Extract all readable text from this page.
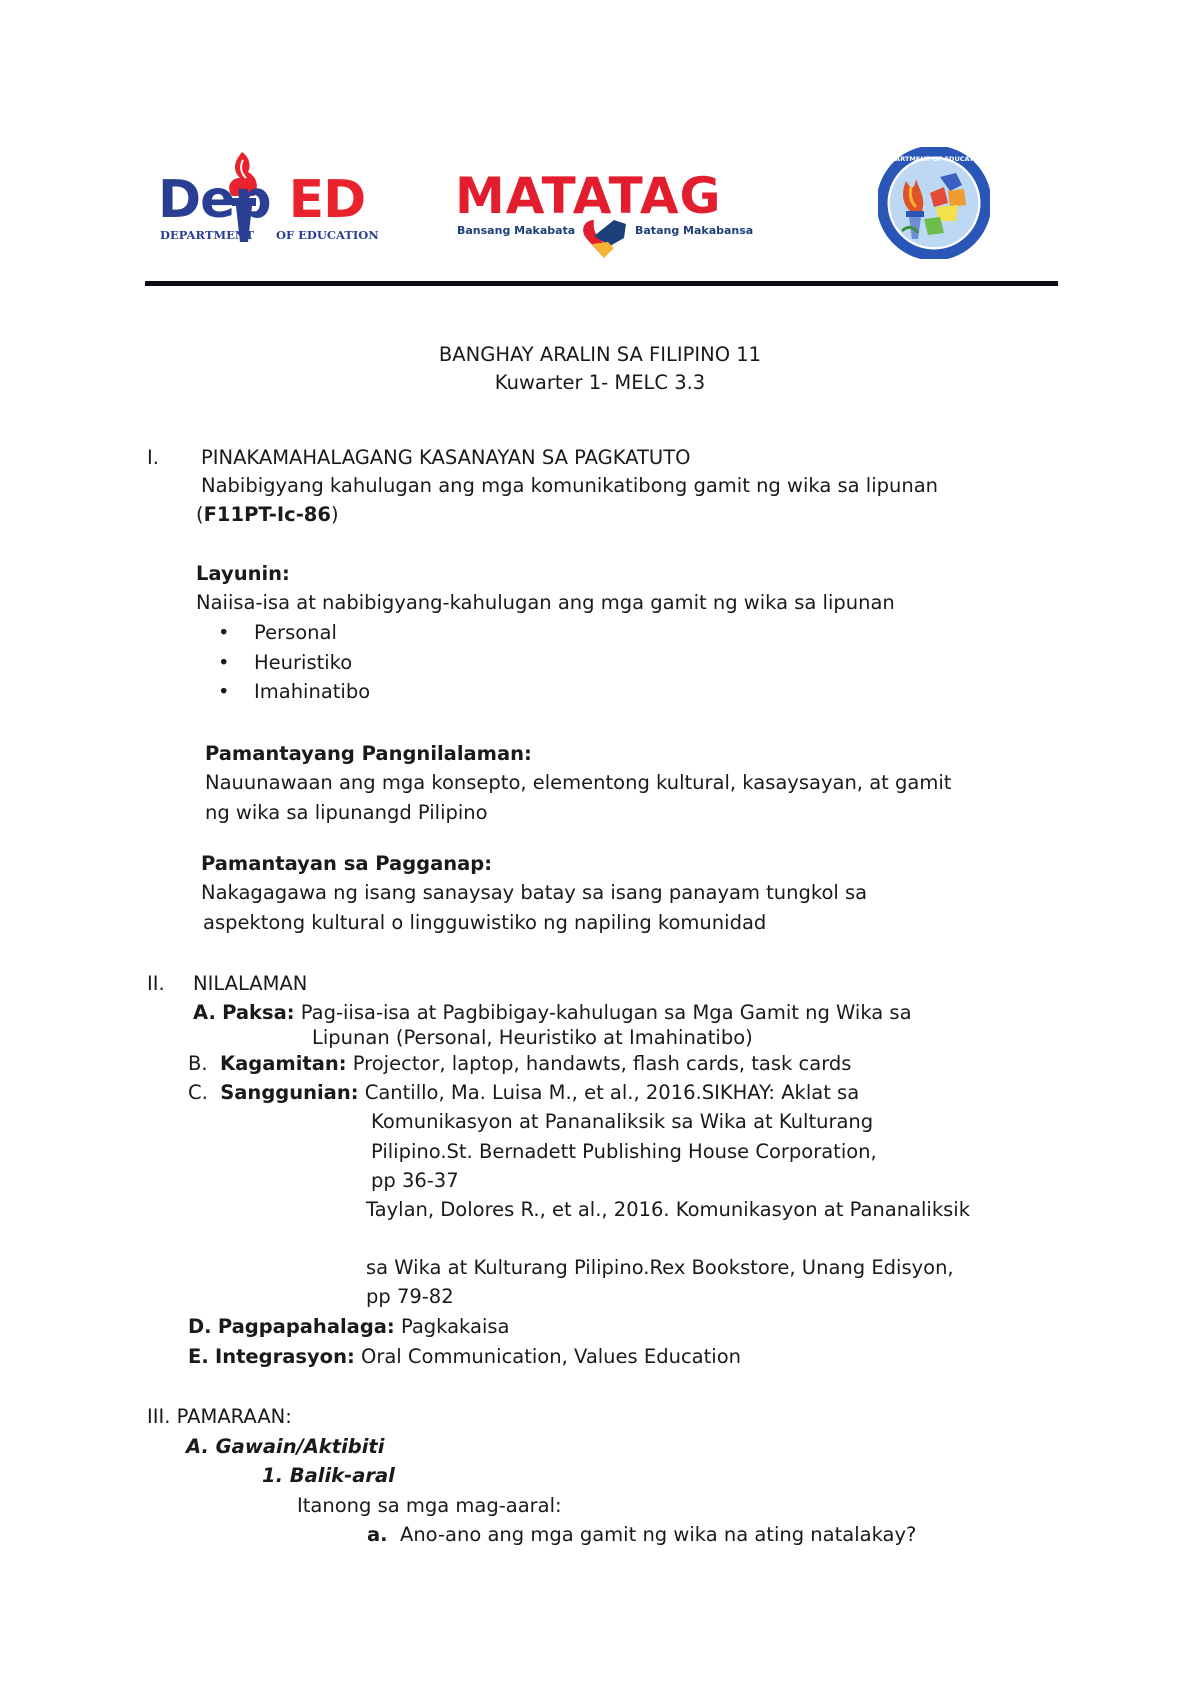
Dep ED
DEPARTMENT OF EDUCATION
MATATAG
Bansang Makabata	Batang Makabansa
DEPARTMENT OF EDUCATION
BANGHAY ARALIN SA FILIPINO 11
Kuwarter 1- MELC 3.3
I. PINAKAMAHALAGANG KASANAYAN SA PAGKATUTO
Nabibigyang kahulugan ang mga komunikatibong gamit ng wika sa lipunan
(F11PT-Ic-86)
Layunin:
Naiisa-isa at nabibigyang-kahulugan ang mga gamit ng wika sa lipunan
• Personal
• Heuristiko
• Imahinatibo
Pamantayang Pangnilalaman:
Nauunawaan ang mga konsepto, elementong kultural, kasaysayan, at gamit
ng wika sa lipunangd Pilipino
Pamantayan sa Pagganap:
Nakagagawa ng isang sanaysay batay sa isang panayam tungkol sa
aspektong kultural o lingguwistiko ng napiling komunidad
II. NILALAMAN
A. Paksa: Pag-iisa-isa at Pagbibigay-kahulugan sa Mga Gamit ng Wika sa
Lipunan (Personal, Heuristiko at Imahinatibo)
B. Kagamitan: Projector, laptop, handawts, flash cards, task cards
C. Sanggunian: Cantillo, Ma. Luisa M., et al., 2016.SIKHAY: Aklat sa
Komunikasyon at Pananaliksik sa Wika at Kulturang
Pilipino.St. Bernadett Publishing House Corporation,
pp 36-37
Taylan, Dolores R., et al., 2016. Komunikasyon at Pananaliksik
sa Wika at Kulturang Pilipino.Rex Bookstore, Unang Edisyon,
pp 79-82
D. Pagpapahalaga: Pagkakaisa
E. Integrasyon: Oral Communication, Values Education
III. PAMARAAN:
A. Gawain/Aktibiti
1. Balik-aral
Itanong sa mga mag-aaral:
a. Ano-ano ang mga gamit ng wika na ating natalakay?
